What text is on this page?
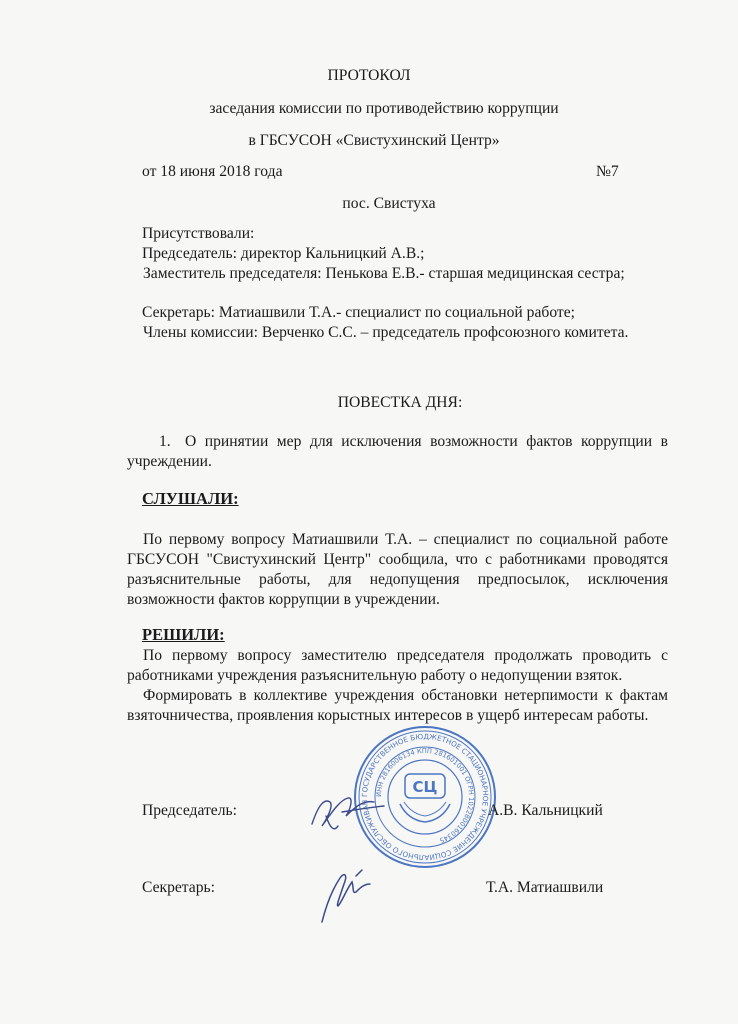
ПРОТОКОЛ
заседания комиссии по противодействию коррупции
в ГБСУСОН «Свистухинский Центр»
от 18 июня 2018 года	№7
пос. Свистуха
Присутствовали:
Председатель: директор Кальницкий А.В.;
Заместитель председателя: Пенькова Е.В.- старшая медицинская сестра;
Секретарь: Матиашвили Т.А.- специалист по социальной работе;
Члены комиссии: Верченко С.С. – председатель профсоюзного комитета.
ПОВЕСТКА ДНЯ:
1. О принятии мер для исключения возможности фактов коррупции в учреждении.
СЛУШАЛИ:
По первому вопросу Матиашвили Т.А. – специалист по социальной работе ГБСУСОН "Свистухинский Центр" сообщила, что с работниками проводятся разъяснительные работы, для недопущения предпосылок, исключения возможности фактов коррупции в учреждении.
РЕШИЛИ:
По первому вопросу заместителю председателя продолжать проводить с работниками учреждения разъяснительную работу о недопущении взяток.
Формировать в коллективе учреждения обстановки нетерпимости к фактам взяточничества, проявления корыстных интересов в ущерб интересам работы.
ГОСУДАРСТВЕННОЕ БЮДЖЕТНОЕ СТАЦИОНАРНОЕ УЧРЕЖДЕНИЕ СОЦИАЛЬНОГО ОБСЛУЖИВАН
ИНН 2816006134 КПП 281601001 ОГРН 1022800160345
СЦ
Председатель:	А.В. Кальницкий
Секретарь:	Т.А. Матиашвили
